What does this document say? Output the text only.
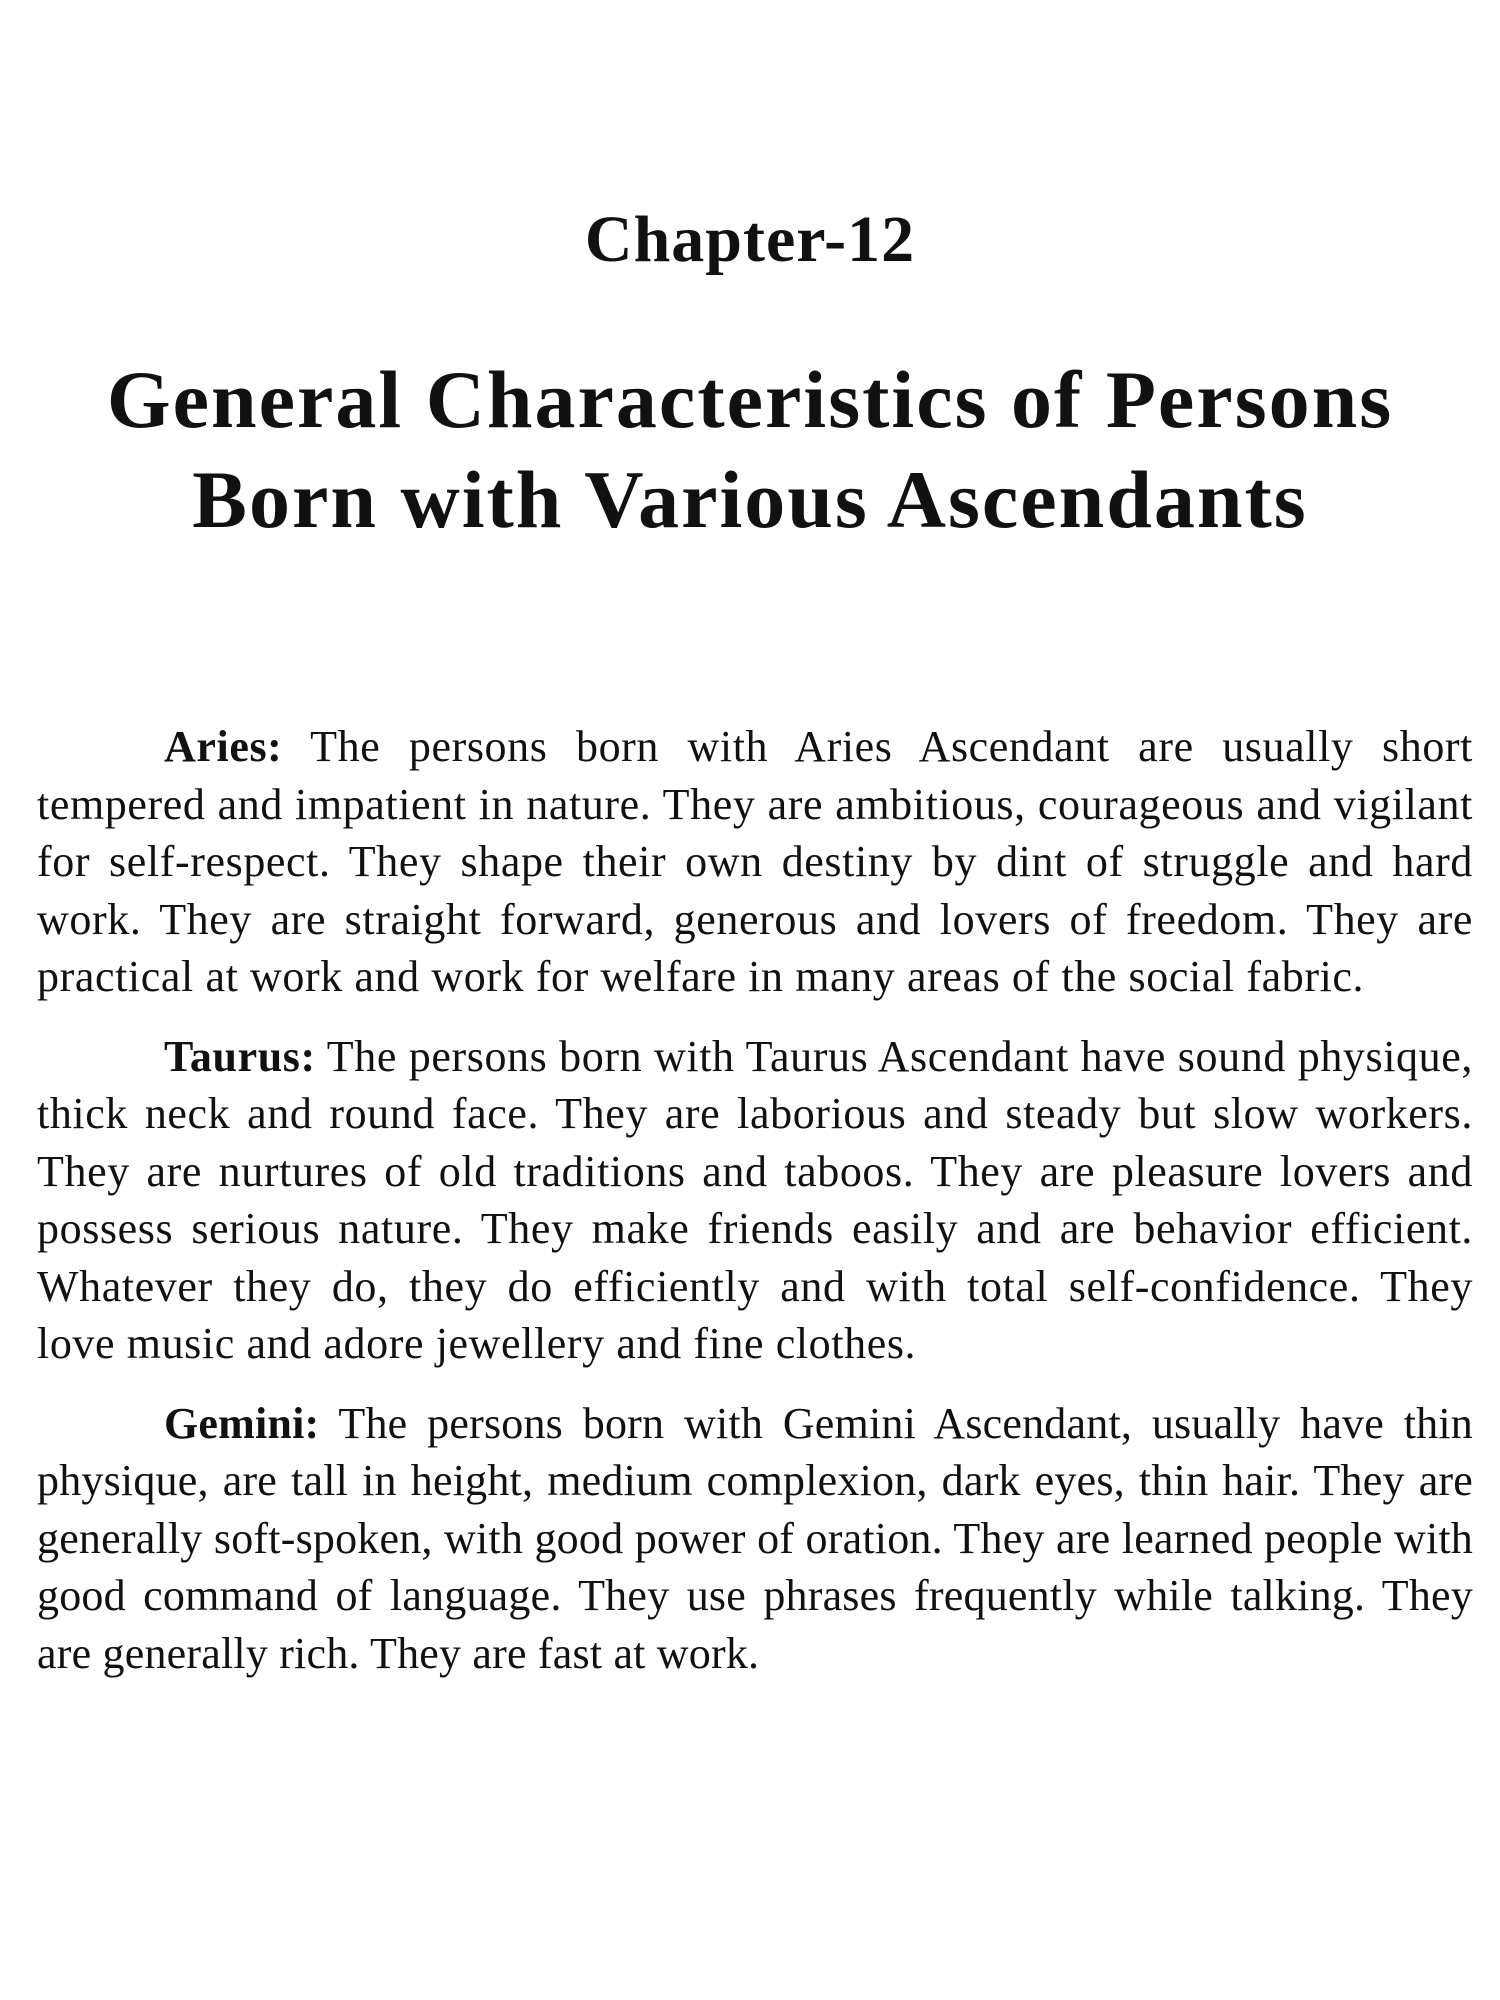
Chapter-12
General Characteristics of Persons Born with Various Ascendants

Aries: The persons born with Aries Ascendant are usually short tempered and impatient in nature. They are ambitious, courageous and vigilant for self-respect. They shape their own destiny by dint of struggle and hard work. They are straight forward, generous and lovers of freedom. They are practical at work and work for welfare in many areas of the social fabric.

Taurus: The persons born with Taurus Ascendant have sound physique, thick neck and round face. They are laborious and steady but slow workers. They are nurtures of old traditions and taboos. They are pleasure lovers and possess serious nature. They make friends easily and are behavior efficient. Whatever they do, they do efficiently and with total self-confidence. They love music and adore jewellery and fine clothes.

Gemini: The persons born with Gemini Ascendant, usually have thin physique, are tall in height, medium complexion, dark eyes, thin hair. They are generally soft-spoken, with good power of oration. They are learned people with good command of language. They use phrases frequently while talking. They are generally rich. They are fast at work.
